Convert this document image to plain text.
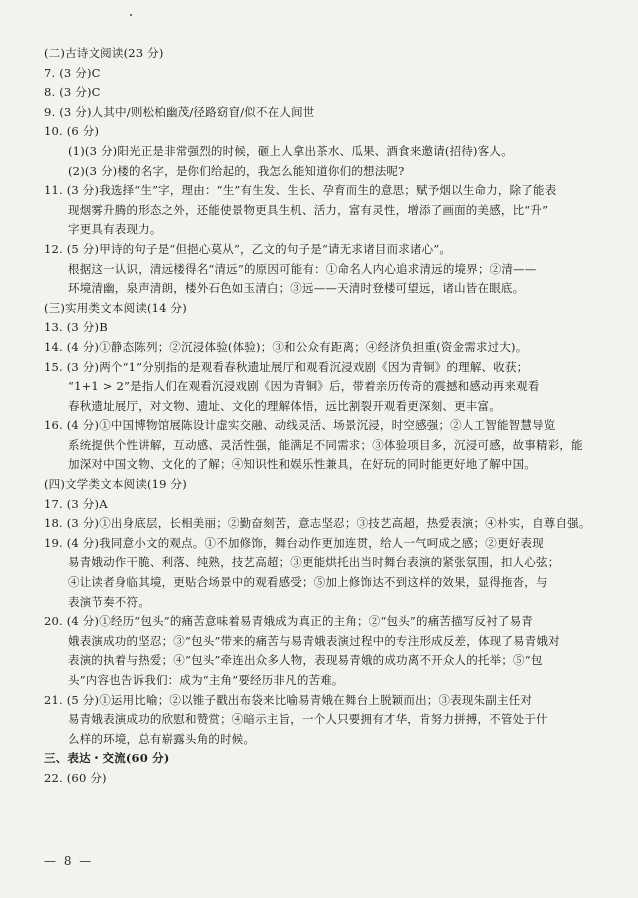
(二)古诗文阅读(23 分)
7. (3 分)C
8. (3 分)C
9. (3 分)人其中/则松柏幽茂/径路窈窅/似不在人间世
10. (6 分)
(1)(3 分)阳光正是非常强烈的时候，砸上人拿出茶水、瓜果、酒食来邀请(招待)客人。
(2)(3 分)楼的名字，是你们给起的，我怎么能知道你们的想法呢?
11. (3 分)我选择“生”字，理由：“生”有生发、生长、孕育而生的意思；赋予烟以生命力，除了能表
现烟雾升腾的形态之外，还能使景物更具生机、活力，富有灵性，增添了画面的美感，比“升”
字更具有表现力。
12. (5 分)甲诗的句子是“但挹心莫从”，乙文的句子是“请无求诸目而求诸心”。
根据这一认识，清远楼得名“清远”的原因可能有：①命名人内心追求清远的境界；②清——
环境清幽，泉声清朗，楼外石色如玉清白；③远——天清时登楼可望远，诸山皆在眼底。
(三)实用类文本阅读(14 分)
13. (3 分)B
14. (4 分)①静态陈列；②沉浸体验(体验)；③和公众有距离；④经济负担重(资金需求过大)。
15. (3 分)两个“1”分别指的是观看春秋遗址展厅和观看沉浸戏剧《因为青铜》的理解、收获；
“1+1 > 2”是指人们在观看沉浸戏剧《因为青铜》后，带着亲历传奇的震撼和感动再来观看
春秋遗址展厅，对文物、遗址、文化的理解体悟，远比割裂开观看更深刻、更丰富。
16. (4 分)①中国博物馆展陈设计虚实交融、动线灵活、场景沉浸，时空感强；②人工智能智慧导览
系统提供个性讲解，互动感、灵活性强，能满足不同需求；③体验项目多，沉浸可感，故事精彩，能
加深对中国文物、文化的了解；④知识性和娱乐性兼具，在好玩的同时能更好地了解中国。
(四)文学类文本阅读(19 分)
17. (3 分)A
18. (3 分)①出身底层，长相美丽；②勤奋刻苦，意志坚忍；③技艺高超，热爱表演；④朴实，自尊自强。
19. (4 分)我同意小文的观点。①不加修饰，舞台动作更加连贯，给人一气呵成之感；②更好表现
易青娥动作干脆、利落、纯熟，技艺高超；③更能烘托出当时舞台表演的紧张氛围，扣人心弦；
④让读者身临其境，更贴合场景中的观看感受；⑤加上修饰达不到这样的效果，显得拖沓，与
表演节奏不符。
20. (4 分)①经历“包头”的痛苦意味着易青娥成为真正的主角；②“包头”的痛苦描写反衬了易青
娥表演成功的坚忍；③“包头”带来的痛苦与易青娥表演过程中的专注形成反差，体现了易青娥对
表演的执着与热爱；④“包头”牵连出众多人物，表现易青娥的成功离不开众人的托举；⑤“包
头”内容也告诉我们：成为“主角”要经历非凡的苦难。
21. (5 分)①运用比喻；②以锥子戳出布袋来比喻易青娥在舞台上脱颖而出；③表现朱副主任对
易青娥表演成功的欣慰和赞赏；④暗示主旨，一个人只要拥有才华，肯努力拼搏，不管处于什
么样的环境，总有崭露头角的时候。
三、表达・交流(60 分)
22. (60 分)
— 8 —
